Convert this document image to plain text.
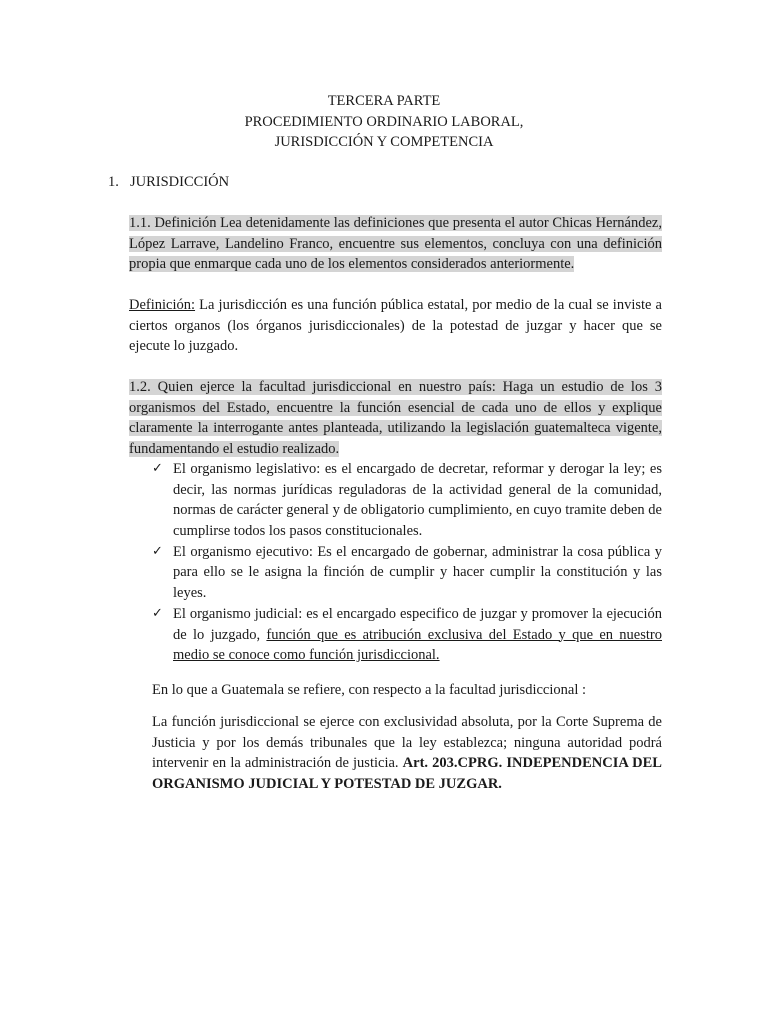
TERCERA PARTE
PROCEDIMIENTO ORDINARIO LABORAL,
JURISDICCIÓN Y COMPETENCIA
1. JURISDICCIÓN
1.1. Definición Lea detenidamente las definiciones que presenta el autor Chicas Hernández, López Larrave, Landelino Franco, encuentre sus elementos, concluya con una definición propia que enmarque cada uno de los elementos considerados anteriormente.
Definición: La jurisdicción es una función pública estatal, por medio de la cual se inviste a ciertos organos (los órganos jurisdiccionales) de la potestad de juzgar y hacer que se ejecute lo juzgado.
1.2. Quien ejerce la facultad jurisdiccional en nuestro país: Haga un estudio de los 3 organismos del Estado, encuentre la función esencial de cada uno de ellos y explique claramente la interrogante antes planteada, utilizando la legislación guatemalteca vigente, fundamentando el estudio realizado.
✓ El organismo legislativo: es el encargado de decretar, reformar y derogar la ley; es decir, las normas jurídicas reguladoras de la actividad general de la comunidad, normas de carácter general y de obligatorio cumplimiento, en cuyo tramite deben de cumplirse todos los pasos constitucionales.
✓ El organismo ejecutivo: Es el encargado de gobernar, administrar la cosa pública y para ello se le asigna la finción de cumplir y hacer cumplir la constitución y las leyes.
✓ El organismo judicial: es el encargado especifico de juzgar y promover la ejecución de lo juzgado, función que es atribución exclusiva del Estado y que en nuestro medio se conoce como función jurisdiccional.
En lo que a Guatemala se refiere, con respecto a la facultad jurisdiccional :
La función jurisdiccional se ejerce con exclusividad absoluta, por la Corte Suprema de Justicia y por los demás tribunales que la ley establezca; ninguna autoridad podrá intervenir en la administración de justicia. Art. 203.CPRG. INDEPENDENCIA DEL ORGANISMO JUDICIAL Y POTESTAD DE JUZGAR.
